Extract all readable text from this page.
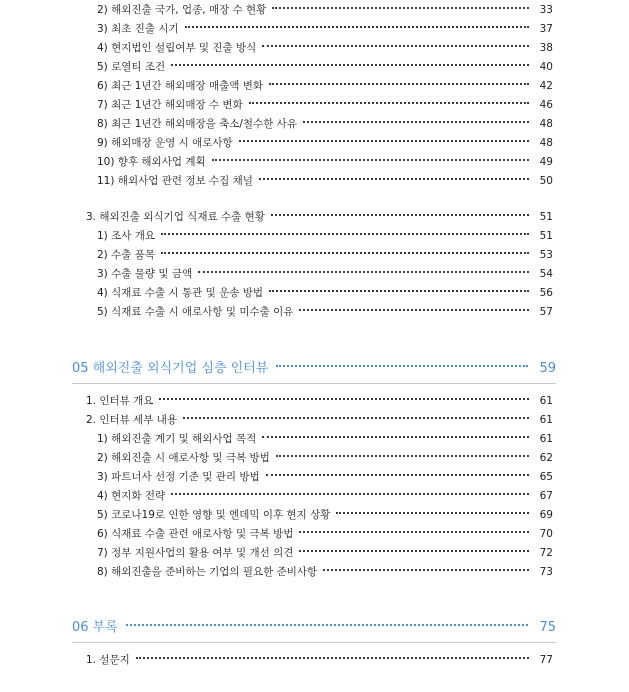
2) 해외진출 국가, 업종, 매장 수 현황	33
3) 최초 진출 시기	37
4) 현지법인 설립여부 및 진출 방식	38
5) 로열티 조건	40
6) 최근 1년간 해외매장 매출액 변화	42
7) 최근 1년간 해외매장 수 변화	46
8) 최근 1년간 해외매장을 축소/철수한 사유	48
9) 해외매장 운영 시 애로사항	48
10) 향후 해외사업 계획	49
11) 해외사업 관련 정보 수집 채널	50
3. 해외진출 외식기업 식재료 수출 현황	51
1) 조사 개요	51
2) 수출 품목	53
3) 수출 물량 및 금액	54
4) 식재료 수출 시 통관 및 운송 방법	56
5) 식재료 수출 시 애로사항 및 미수출 이유	57
05 해외진출 외식기업 심층 인터뷰	59
1. 인터뷰 개요	61
2. 인터뷰 세부 내용	61
1) 해외진출 계기 및 해외사업 목적	61
2) 해외진출 시 애로사항 및 극복 방법	62
3) 파트너사 선정 기준 및 관리 방법	65
4) 현지화 전략	67
5) 코로나19로 인한 영향 및 엔데믹 이후 현지 상황	69
6) 식재료 수출 관련 애로사항 및 극복 방법	70
7) 정부 지원사업의 활용 여부 및 개선 의견	72
8) 해외진출을 준비하는 기업의 필요한 준비사항	73
06 부록	75
1. 설문지	77
